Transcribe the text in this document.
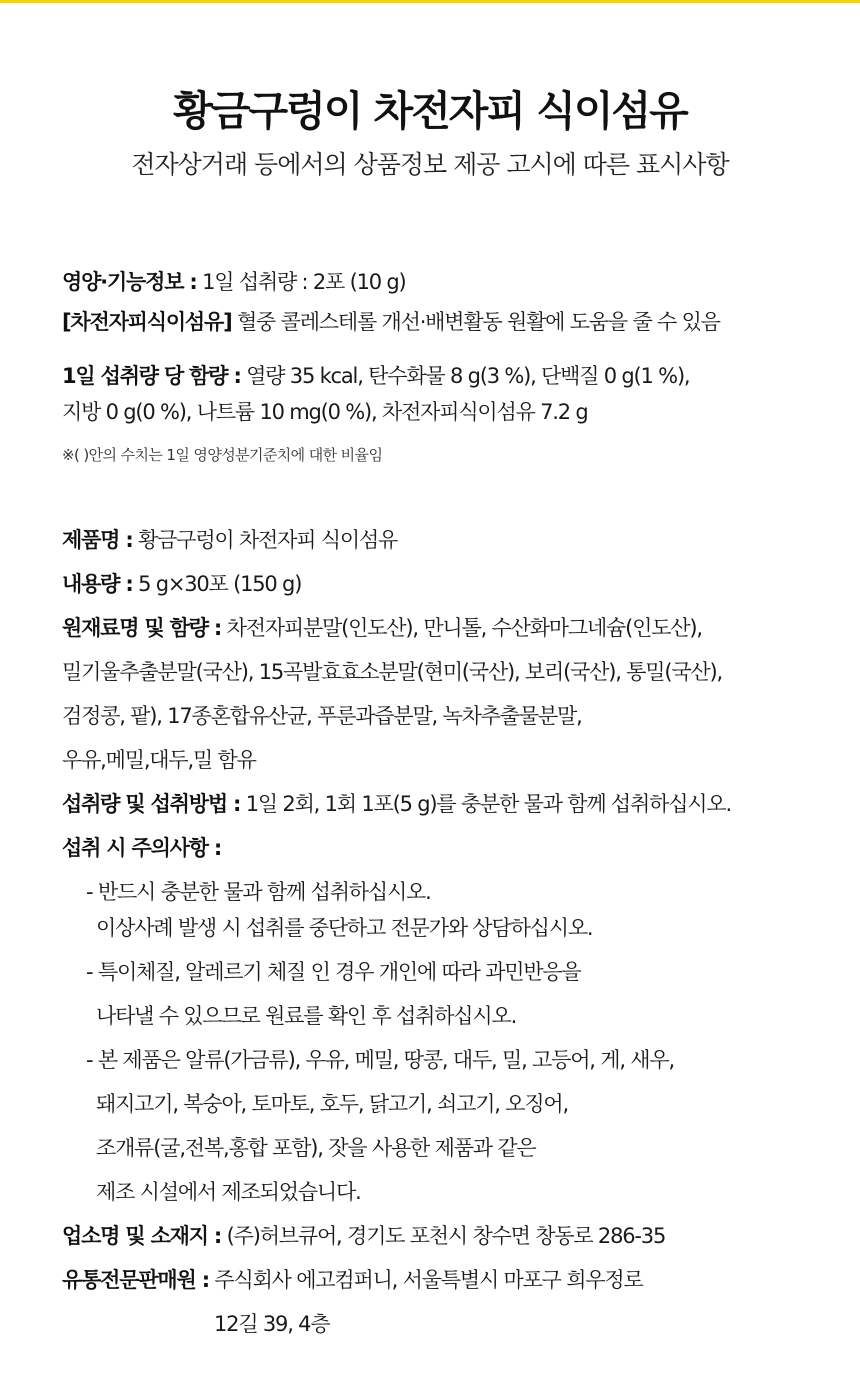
황금구렁이 차전자피 식이섬유
전자상거래 등에서의 상품정보 제공 고시에 따른 표시사항
영양·기능정보 : 1일 섭취량 : 2포 (10 g)
[차전자피식이섬유] 혈중 콜레스테롤 개선·배변활동 원활에 도움을 줄 수 있음
1일 섭취량 당 함량 : 열량 35 kcal, 탄수화물 8 g(3 %), 단백질 0 g(1 %),
지방 0 g(0 %), 나트륨 10 mg(0 %), 차전자피식이섬유 7.2 g
※( )안의 수치는 1일 영양성분기준치에 대한 비율임
제품명 : 황금구렁이 차전자피 식이섬유
내용량 : 5 g×30포 (150 g)
원재료명 및 함량 : 차전자피분말(인도산), 만니톨, 수산화마그네슘(인도산),
밀기울추출분말(국산), 15곡발효효소분말(현미(국산), 보리(국산), 통밀(국산),
검정콩, 팥), 17종혼합유산균, 푸룬과즙분말, 녹차추출물분말,
우유,메밀,대두,밀 함유
섭취량 및 섭취방법 : 1일 2회, 1회 1포(5 g)를 충분한 물과 함께 섭취하십시오.
섭취 시 주의사항 :
- 반드시 충분한 물과 함께 섭취하십시오.
이상사례 발생 시 섭취를 중단하고 전문가와 상담하십시오.
- 특이체질, 알레르기 체질 인 경우 개인에 따라 과민반응을
나타낼 수 있으므로 원료를 확인 후 섭취하십시오.
- 본 제품은 알류(가금류), 우유, 메밀, 땅콩, 대두, 밀, 고등어, 게, 새우,
돼지고기, 복숭아, 토마토, 호두, 닭고기, 쇠고기, 오징어,
조개류(굴,전복,홍합 포함), 잣을 사용한 제품과 같은
제조 시설에서 제조되었습니다.
업소명 및 소재지 : (주)허브큐어, 경기도 포천시 창수면 창동로 286-35
유통전문판매원 : 주식회사 에고컴퍼니, 서울특별시 마포구 희우정로
12길 39, 4층
